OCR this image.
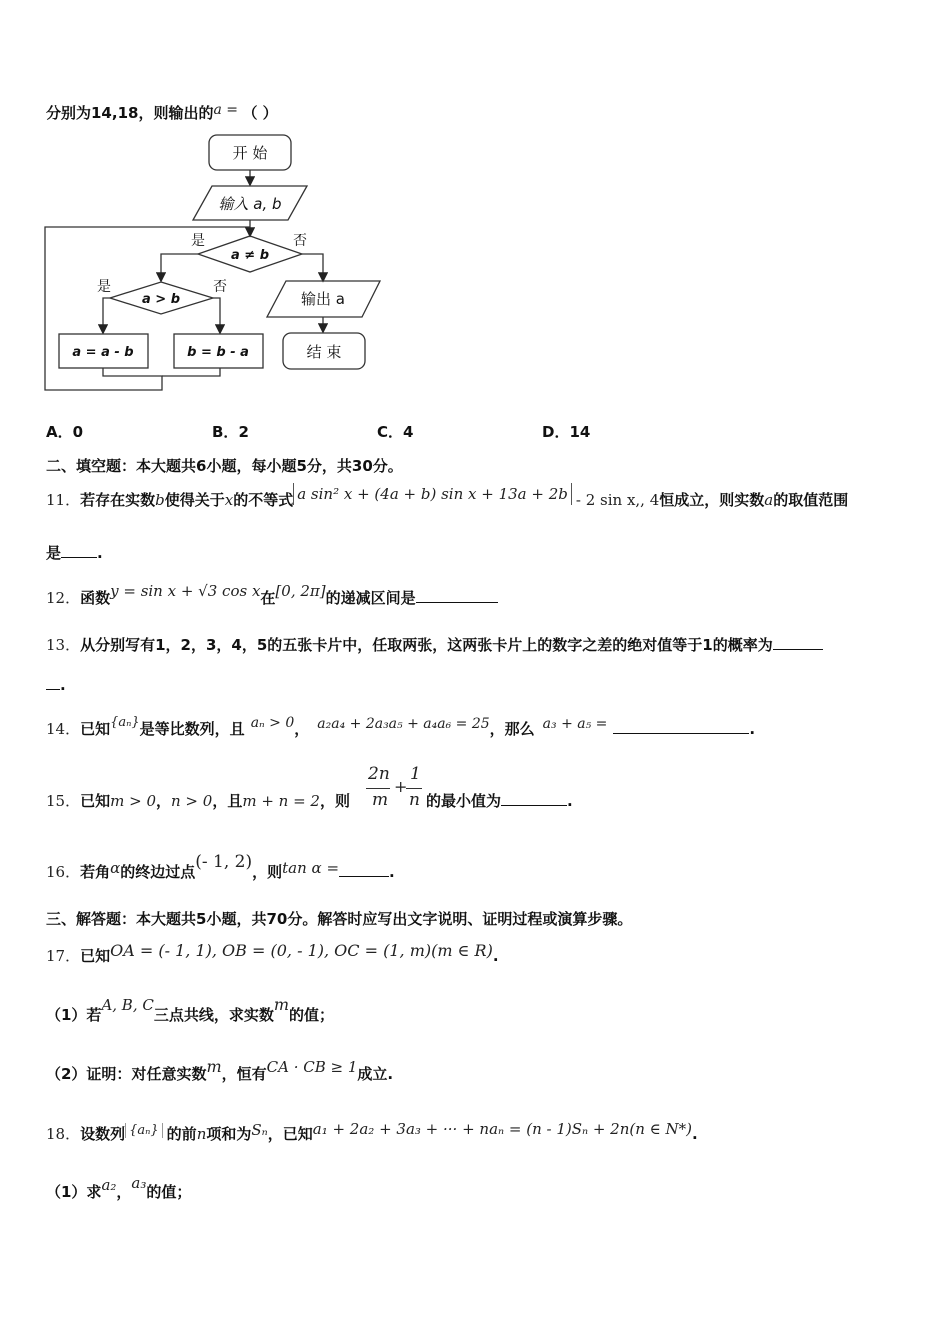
分别为14,18，则输出的a = （ ）
开 始
输入 a, b
a ≠ b
是	否
a > b
是	否
a = a - b	b = b - a
输出 a
结 束
A．0	B．2	C．4	D．14
二、填空题：本大题共6小题，每小题5分，共30分。
11．若存在实数b使得关于x的不等式 a sin² x + (4a + b) sin x + 13a + 2b - 2 sin x,, 4恒成立，则实数a的取值范围
是 .
12．函数y = sin x + √3 cos x在[0, 2π]的递减区间是
13．从分别写有1，2，3，4，5的五张卡片中，任取两张，这两张卡片上的数字之差的绝对值等于1的概率为
.
14．已知{aₙ}是等比数列，且 aₙ > 0， a₂a₄ + 2a₃a₅ + a₄a₆ = 25，那么 a₃ + a₅ =	.
15．已知m > 0，n > 0，且m + n = 2，则
2n
m
+
1
n 的最小值为	.
16．若角α的终边过点(- 1, 2)，则tan α =	.
三、解答题：本大题共5小题，共70分。解答时应写出文字说明、证明过程或演算步骤。
17．已知OA = (- 1, 1), OB = (0, - 1), OC = (1, m)(m ∈ R).
（1）若A, B, C三点共线，求实数m的值；
（2）证明：对任意实数m，恒有CA · CB ≥ 1成立.
18．设数列 {aₙ} 的前n项和为Sₙ，已知a₁ + 2a₂ + 3a₃ + ··· + naₙ = (n - 1)Sₙ + 2n(n ∈ N*).
（1）求a₂，a₃的值；
